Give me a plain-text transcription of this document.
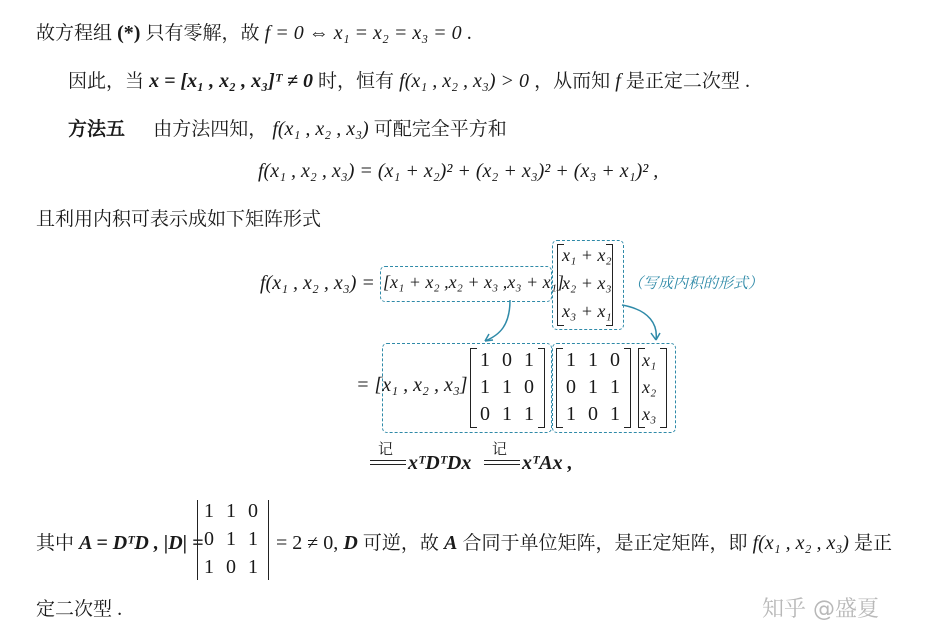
故方程组 (*) 只有零解，故 f = 0 ⇔ x₁ = x₂ = x₃ = 0 .
因此，当 x = [x₁ , x₂ , x₃]ᵀ ≠ 0 时，恒有 f(x₁ , x₂ , x₃) > 0 ，从而知 f 是正定二次型 .
方法五 由方法四知， f(x₁ , x₂ , x₃) 可配完全平方和
f(x₁ , x₂ , x₃) = (x₁ + x₂)² + (x₂ + x₃)² + (x₃ + x₁)² ,
且利用内积可表示成如下矩阵形式
f(x₁ , x₂ , x₃) = [x₁ + x₂ ,x₂ + x₃ ,x₃ + x₁]
x₁ + x₂
x₂ + x₃
x₃ + x₁
（写成内积的形式）
= [x₁ , x₂ , x₃]
1 0 1
1 1 0
0 1 1
1 1 0
0 1 1
1 0 1
x₁
x₂
x₃
记
xᵀDᵀDx
记
xᵀAx ,
其中 A = DᵀD , |D| =
1 1 0
0 1 1
1 0 1
= 2 ≠ 0, D 可逆，故 A 合同于单位矩阵，是正定矩阵，即 f(x₁ , x₂ , x₃) 是正
定二次型 .	知乎 @盛夏
